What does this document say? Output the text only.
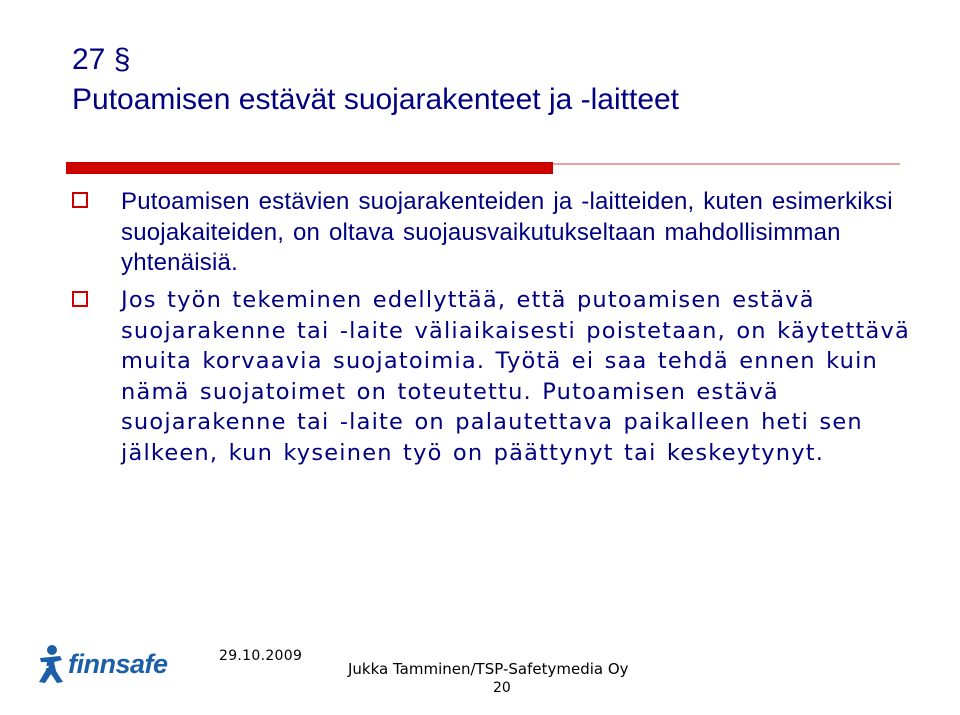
27 §
Putoamisen estävät suojarakenteet ja -laitteet
Putoamisen estävien suojarakenteiden ja -laitteiden, kuten esimerkiksi suojakaiteiden, on oltava suojausvaikutukseltaan mahdollisimman yhtenäisiä.
Jos työn tekeminen edellyttää, että putoamisen estävä suojarakenne tai -laite väliaikaisesti poistetaan, on käytettävä muita korvaavia suojatoimia. Työtä ei saa tehdä ennen kuin nämä suojatoimet on toteutettu. Putoamisen estävä suojarakenne tai -laite on palautettava paikalleen heti sen jälkeen, kun kyseinen työ on päättynyt tai keskeytynyt.
finnsafe	29.10.2009
Jukka Tamminen/TSP-Safetymedia Oy
20
